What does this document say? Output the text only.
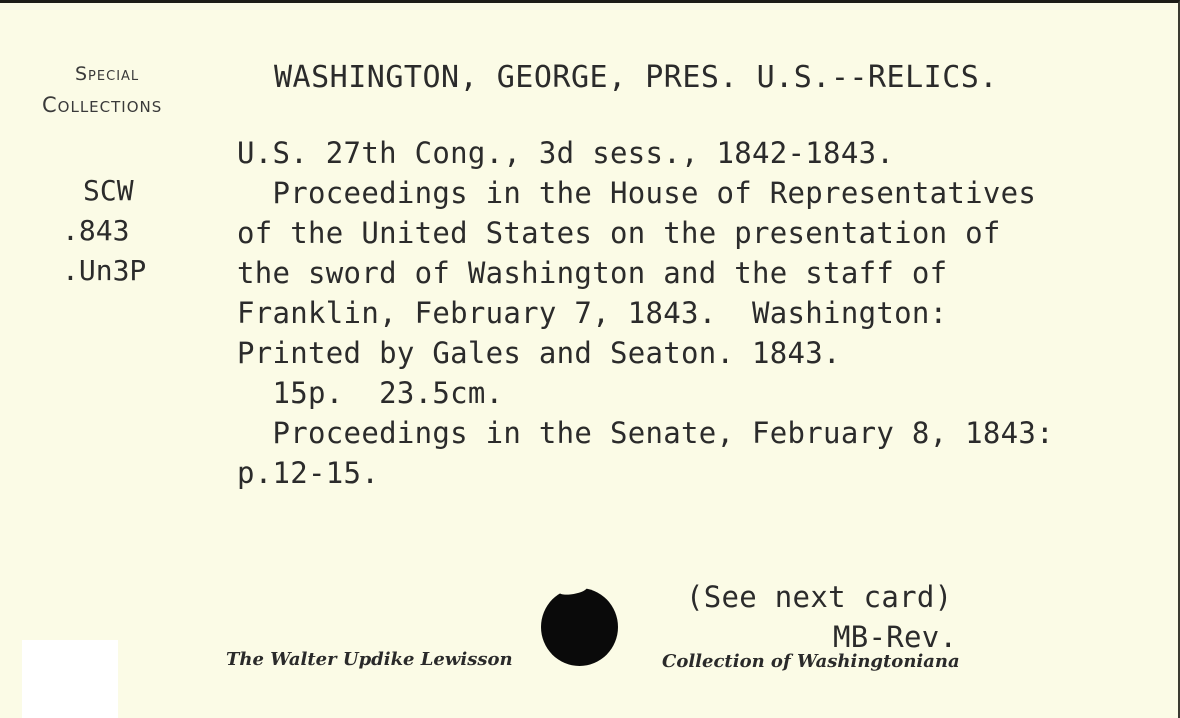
Special
Collections
WASHINGTON, GEORGE, PRES. U.S.--RELICS.
SCW
.843
.Un3P
U.S. 27th Cong., 3d sess., 1842-1843.
Proceedings in the House of Representatives
of the United States on the presentation of
the sword of Washington and the staff of
Franklin, February 7, 1843.  Washington:
Printed by Gales and Seaton. 1843.
15p.  23.5cm.
Proceedings in the Senate, February 8, 1843:
p.12-15.
(See next card)
MB-Rev.
The Walter Updike Lewisson	Collection of Washingtoniana
